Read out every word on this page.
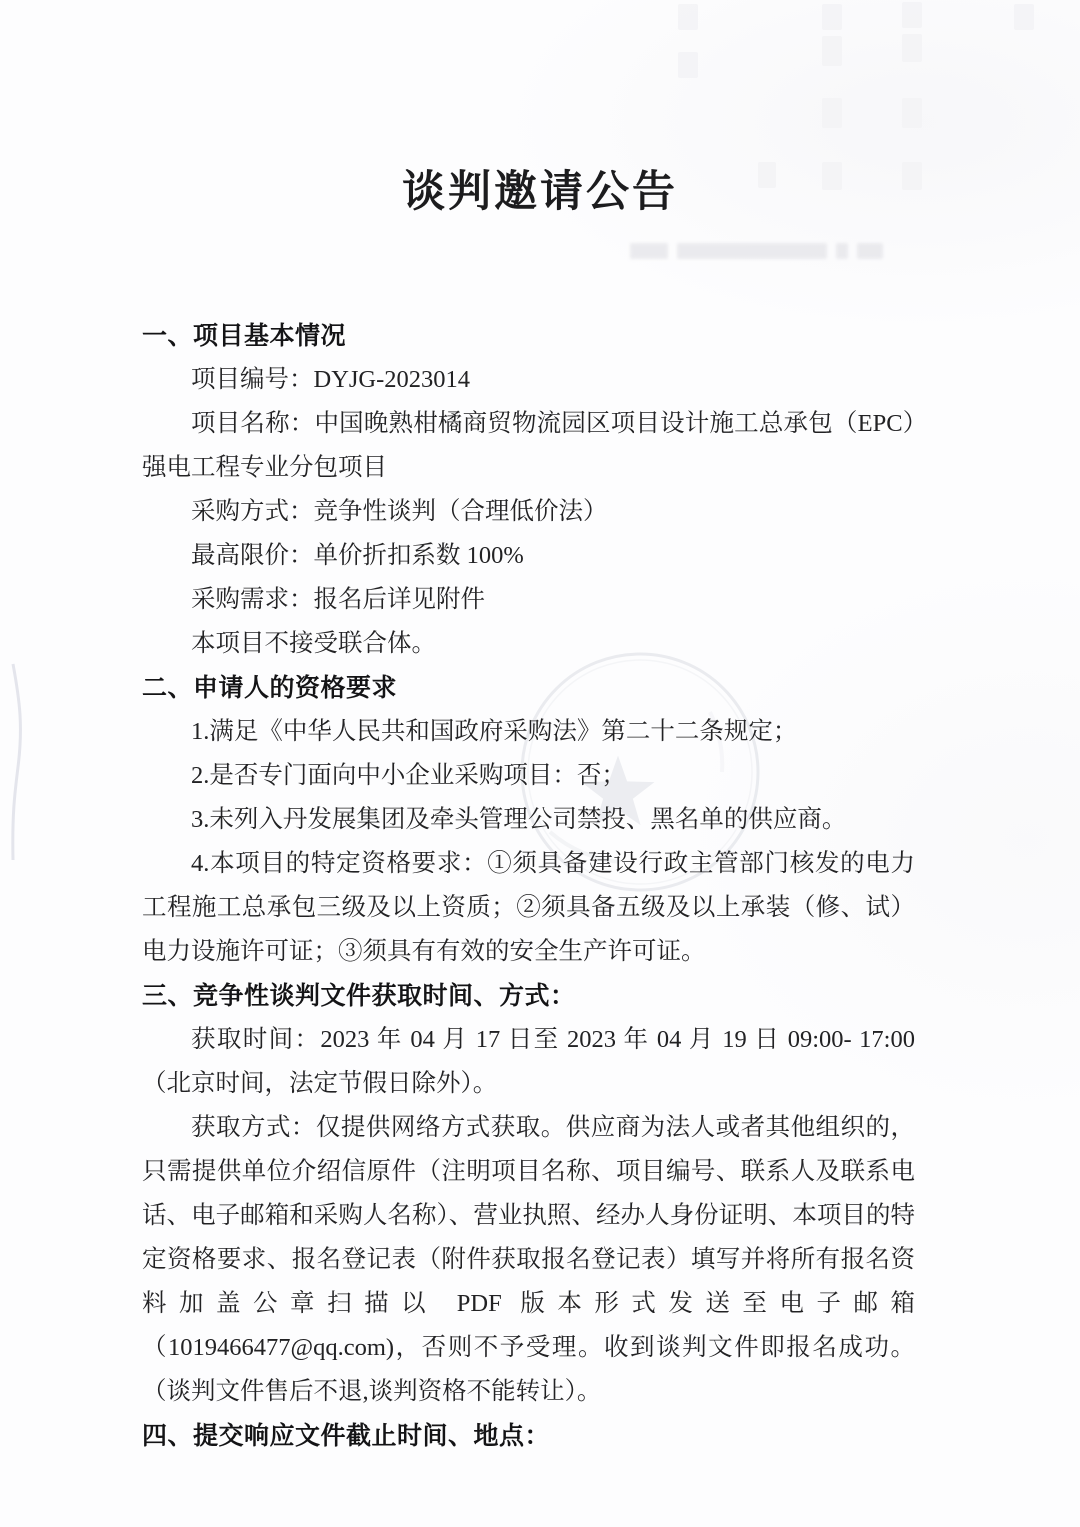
谈判邀请公告
一、项目基本情况

项目编号：DYJG-2023014

项目名称：中国晚熟柑橘商贸物流园区项目设计施工总承包（EPC）强电工程专业分包项目

采购方式：竞争性谈判（合理低价法）

最高限价：单价折扣系数 100%

采购需求：报名后详见附件

本项目不接受联合体。

二、申请人的资格要求

1.满足《中华人民共和国政府采购法》第二十二条规定；

2.是否专门面向中小企业采购项目：否；

3.未列入丹发展集团及牵头管理公司禁投、黑名单的供应商。

4.本项目的特定资格要求：①须具备建设行政主管部门核发的电力工程施工总承包三级及以上资质；②须具备五级及以上承装（修、试）电力设施许可证；③须具有有效的安全生产许可证。

三、竞争性谈判文件获取时间、方式：

获取时间：2023 年 04 月 17 日至 2023 年 04 月 19 日 09:00- 17:00（北京时间，法定节假日除外）。

获取方式：仅提供网络方式获取。供应商为法人或者其他组织的，只需提供单位介绍信原件（注明项目名称、项目编号、联系人及联系电话、电子邮箱和采购人名称）、营业执照、经办人身份证明、本项目的特定资格要求、报名登记表（附件获取报名登记表）填写并将所有报名资料加盖公章扫描以 PDF 版本形式发送至电子邮箱（1019466477@qq.com)，否则不予受理。收到谈判文件即报名成功。（谈判文件售后不退,谈判资格不能转让）。

四、提交响应文件截止时间、地点：
